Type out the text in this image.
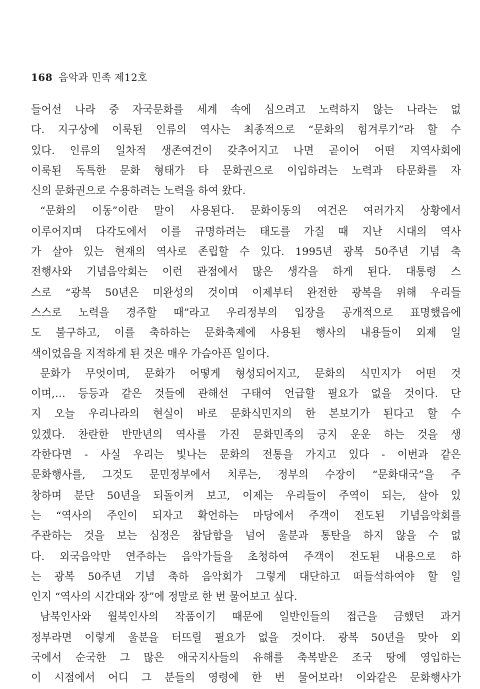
168 음악과 민족 제12호

들어선 나라 중 자국문화를 세계 속에 심으려고 노력하지 않는 나라는 없
다. 지구상에 이룩된 인류의 역사는 최종적으로 “문화의 힘겨루기”라 할 수
있다. 인류의 일차적 생존여건이 갖추어지고 나면 곧이어 어떤 지역사회에
이룩된 독특한 문화 형태가 타 문화권으로 이입하려는 노력과 타문화를 자
신의 문화권으로 수용하려는 노력을 하여 왔다.

“문화의 이동”이란 말이 사용된다. 문화이동의 여건은 여러가지 상황에서
이루어지며 다각도에서 이를 규명하려는 태도를 가질 때 지난 시대의 역사
가 살아 있는 현재의 역사로 존립할 수 있다. 1995년 광복 50주년 기념 축
전행사와 기념음악회는 이런 관점에서 많은 생각을 하게 된다. 대통령 스
스로 “광복 50년은 미완성의 것이며 이제부터 완전한 광복을 위해 우리들
스스로 노력을 경주할 때”라고 우리정부의 입장을 공개적으로 표명했음에
도 불구하고, 이를 축하하는 문화축제에 사용된 행사의 내용들이 외제 일
색이었음을 지적하게 된 것은 매우 가슴아픈 일이다.

문화가 무엇이며, 문화가 어떻게 형성되어지고, 문화의 식민지가 어떤 것
이며,… 등등과 같은 것들에 관해선 구태여 언급할 필요가 없을 것이다. 단
지 오늘 우리나라의 현실이 바로 문화식민지의 한 본보기가 된다고 할 수
있겠다. 찬란한 반만년의 역사를 가진 문화민족의 긍지 운운 하는 것을 생
각한다면 - 사실 우리는 빛나는 문화의 전통을 가지고 있다 - 이번과 같은
문화행사를, 그것도 문민정부에서 치루는, 정부의 수장이 “문화대국”을 주
창하며 분단 50년을 되돌이켜 보고, 이제는 우리들이 주역이 되는, 살아 있
는 “역사의 주인이 되자고 확언하는 마당에서 주객이 전도된 기념음악회를
주관하는 것을 보는 심정은 참담함을 넘어 울분과 통탄을 하지 않을 수 없
다. 외국음악만 연주하는 음악가들을 초청하여 주객이 전도된 내용으로 하
는 광복 50주년 기념 축하 음악회가 그렇게 대단하고 떠들석하여야 할 일
인지 “역사의 시간대와 장”에 정말로 한 번 물어보고 싶다.

남북인사와 월북인사의 작품이기 때문에 일반인들의 접근을 금했던 과거
정부라면 이렇게 울분을 터뜨릴 필요가 없을 것이다. 광복 50년을 맞아 외
국에서 순국한 그 많은 애국지사들의 유해를 축복받은 조국 땅에 영입하는
이 시점에서 어디 그 분들의 영령에 한 번 물어보라! 이와같은 문화행사가
